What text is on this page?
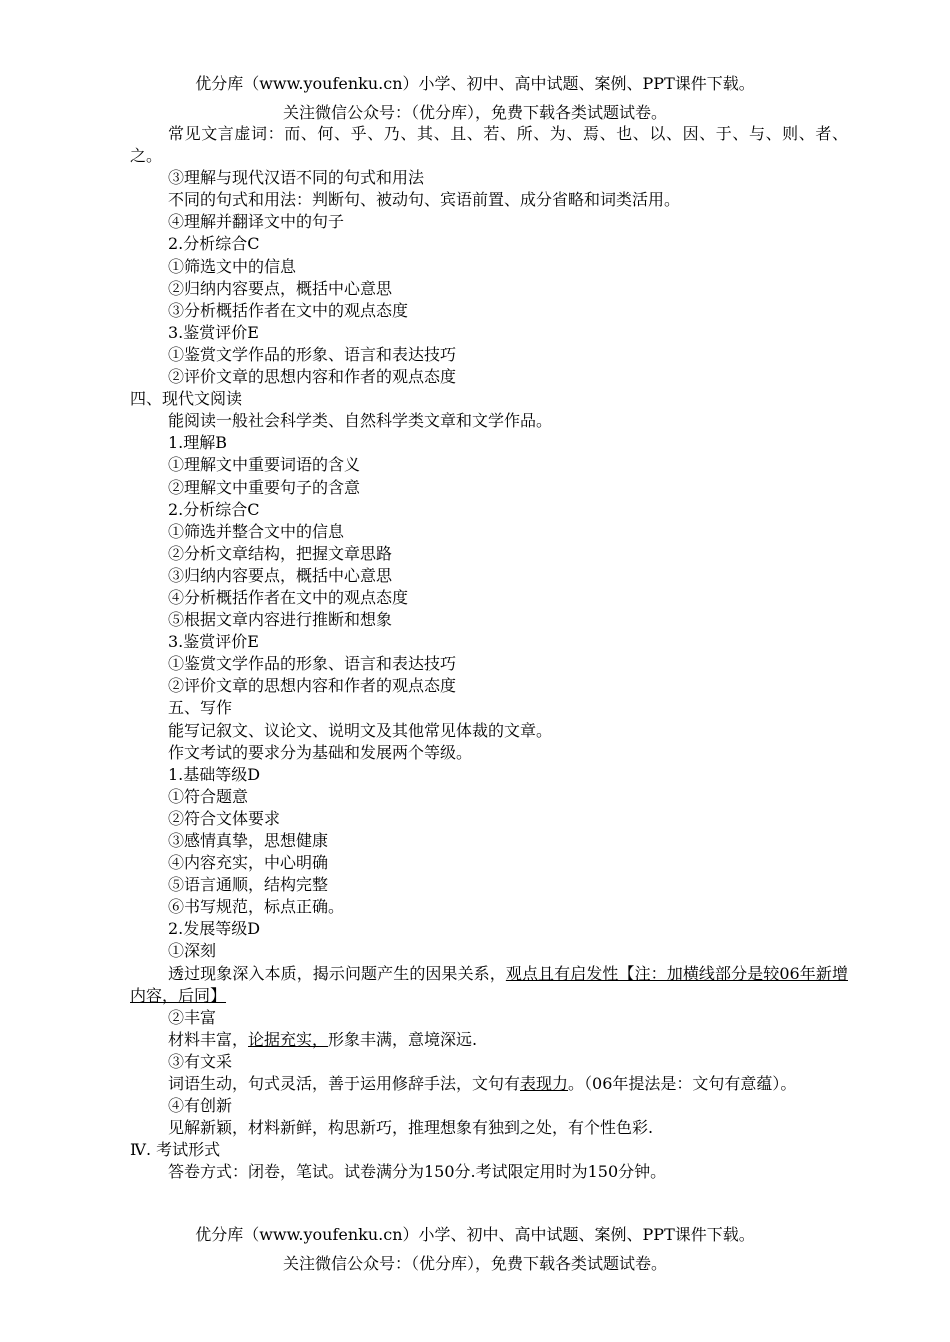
优分库（www.youfenku.cn）小学、初中、高中试题、案例、PPT课件下载。
关注微信公众号：（优分库），免费下载各类试题试卷。

常见文言虚词：而、何、乎、乃、其、且、若、所、为、焉、也、以、因、于、与、则、者、之。

③理解与现代汉语不同的句式和用法

不同的句式和用法：判断句、被动句、宾语前置、成分省略和词类活用。

④理解并翻译文中的句子

2.分析综合C

①筛选文中的信息

②归纳内容要点，概括中心意思

③分析概括作者在文中的观点态度

3.鉴赏评价E

①鉴赏文学作品的形象、语言和表达技巧

②评价文章的思想内容和作者的观点态度

四、现代文阅读

能阅读一般社会科学类、自然科学类文章和文学作品。

1.理解B

①理解文中重要词语的含义

②理解文中重要句子的含意

2.分析综合C

①筛选并整合文中的信息

②分析文章结构，把握文章思路

③归纳内容要点，概括中心意思

④分析概括作者在文中的观点态度

⑤根据文章内容进行推断和想象

3.鉴赏评价E

①鉴赏文学作品的形象、语言和表达技巧

②评价文章的思想内容和作者的观点态度

五、写作

能写记叙文、议论文、说明文及其他常见体裁的文章。

作文考试的要求分为基础和发展两个等级。

1.基础等级D

①符合题意

②符合文体要求

③感情真挚，思想健康

④内容充实，中心明确

⑤语言通顺，结构完整

⑥书写规范，标点正确。

2.发展等级D

①深刻

透过现象深入本质，揭示问题产生的因果关系，观点且有启发性【注：加横线部分是较06年新增内容，后同】

②丰富

材料丰富，论据充实，形象丰满，意境深远.

③有文采

词语生动，句式灵活，善于运用修辞手法，文句有表现力。（06年提法是：文句有意蕴）。

④有创新

见解新颖，材料新鲜，构思新巧，推理想象有独到之处，有个性色彩.

Ⅳ. 考试形式

答卷方式：闭卷，笔试。试卷满分为150分.考试限定用时为150分钟。

优分库（www.youfenku.cn）小学、初中、高中试题、案例、PPT课件下载。
关注微信公众号：（优分库），免费下载各类试题试卷。
